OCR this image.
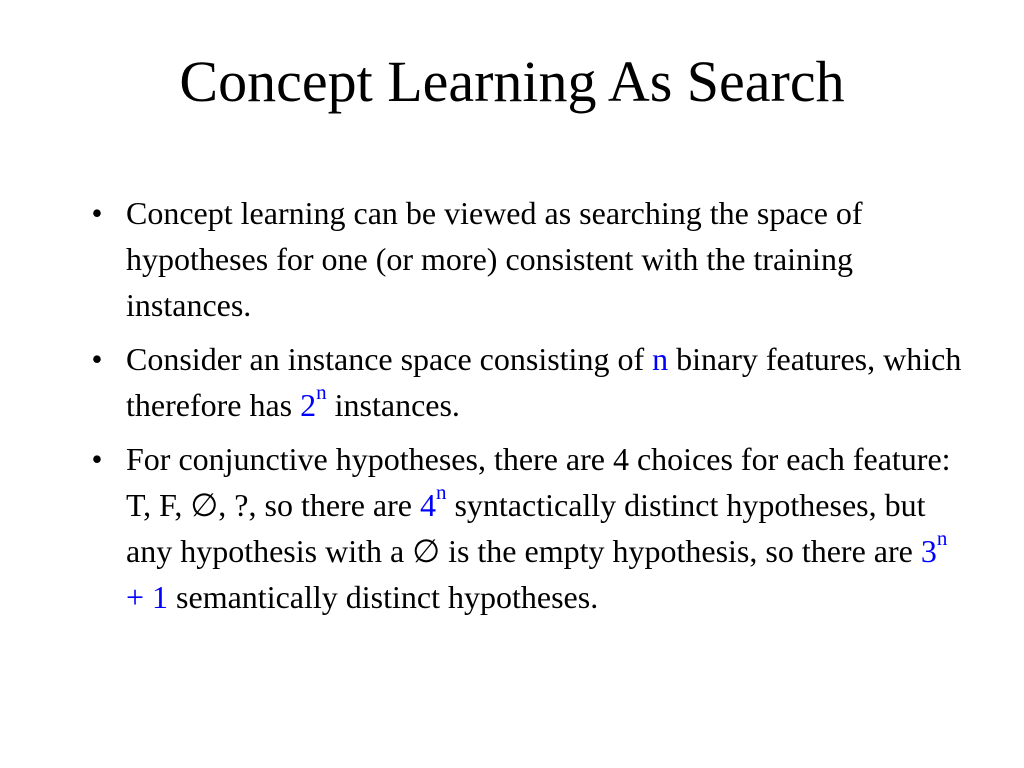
Concept Learning As Search
• Concept learning can be viewed as searching the space of hypotheses for one (or more) consistent with the training instances.
• Consider an instance space consisting of n binary features, which therefore has 2$^n$ instances.
• For conjunctive hypotheses, there are 4 choices for each feature: T, F, ∅, ?, so there are 4$^n$ syntactically distinct hypotheses, but any hypothesis with a ∅ is the empty hypothesis, so there are $3^n + 1$ semantically distinct hypotheses.
